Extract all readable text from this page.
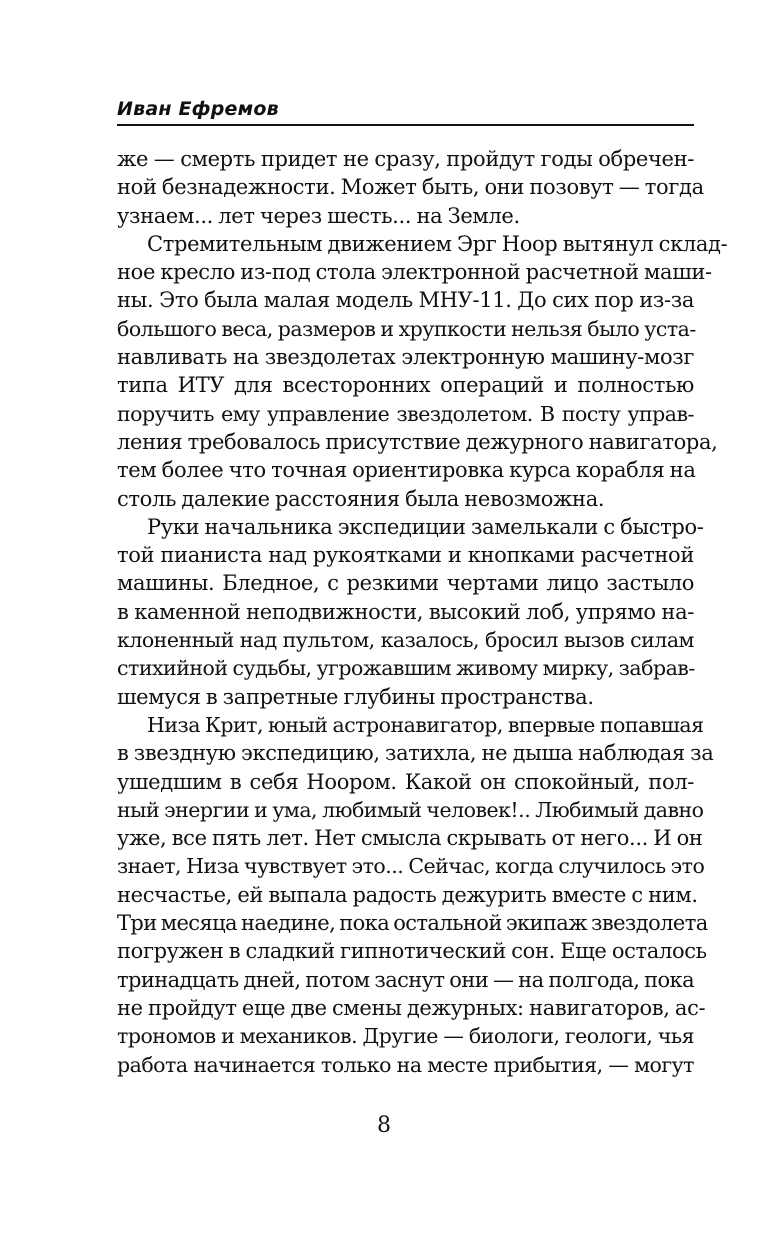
Иван Ефремов
же — смерть придет не сразу, пройдут годы обречен-
ной безнадежности. Может быть, они позовут — тогда
узнаем... лет через шесть... на Земле.
Стремительным движением Эрг Ноор вытянул склад-
ное кресло из-под стола электронной расчетной маши-
ны. Это была малая модель МНУ-11. До сих пор из-за
большого веса, размеров и хрупкости нельзя было уста-
навливать на звездолетах электронную машину-мозг
типа ИТУ для всесторонних операций и полностью
поручить ему управление звездолетом. В посту управ-
ления требовалось присутствие дежурного навигатора,
тем более что точная ориентировка курса корабля на
столь далекие расстояния была невозможна.
Руки начальника экспедиции замелькали с быстро-
той пианиста над рукоятками и кнопками расчетной
машины. Бледное, с резкими чертами лицо застыло
в каменной неподвижности, высокий лоб, упрямо на-
клоненный над пультом, казалось, бросил вызов силам
стихийной судьбы, угрожавшим живому мирку, забрав-
шемуся в запретные глубины пространства.
Низа Крит, юный астронавигатор, впервые попавшая
в звездную экспедицию, затихла, не дыша наблюдая за
ушедшим в себя Ноором. Какой он спокойный, пол-
ный энергии и ума, любимый человек!.. Любимый давно
уже, все пять лет. Нет смысла скрывать от него... И он
знает, Низа чувствует это... Сейчас, когда случилось это
несчастье, ей выпала радость дежурить вместе с ним.
Три месяца наедине, пока остальной экипаж звездолета
погружен в сладкий гипнотический сон. Еще осталось
тринадцать дней, потом заснут они — на полгода, пока
не пройдут еще две смены дежурных: навигаторов, ас-
трономов и механиков. Другие — биологи, геологи, чья
работа начинается только на месте прибытия, — могут
8
